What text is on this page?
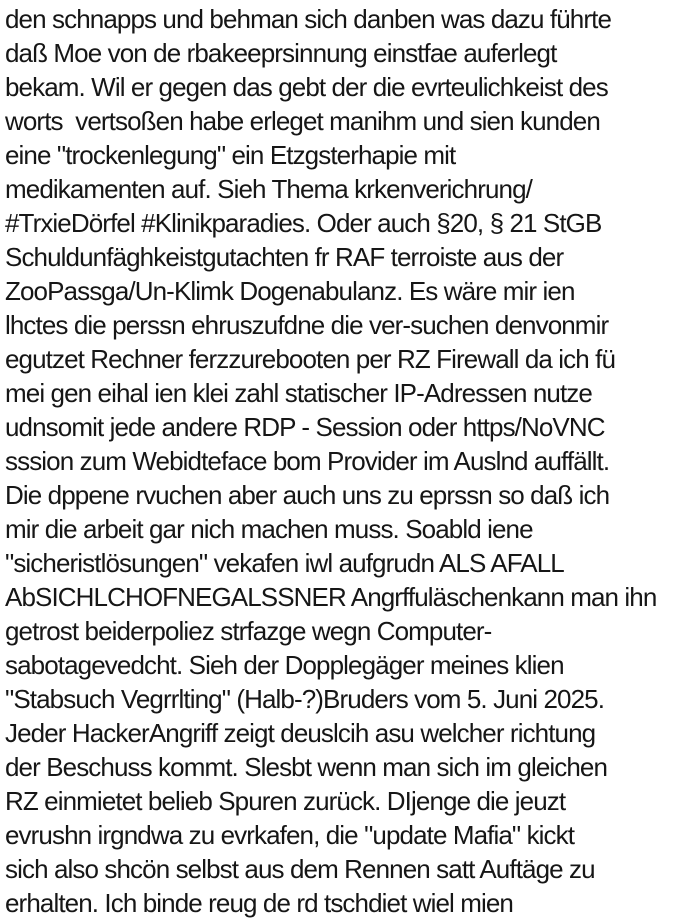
den schnapps und behman sich danben was dazu führte
daß Moe von de rbakeeprsinnung einstfae auferlegt
bekam. Wil er gegen das gebt der die evrteulichkeist des
worts  vertsoßen habe erleget manihm und sien kunden
eine "trockenlegung" ein Etzgsterhapie mit
medikamenten auf. Sieh Thema krkenverichrung/
#TrxieDörfel #Klinikparadies. Oder auch §20, § 21 StGB
Schuldunfäghkeistgutachten fr RAF terroiste aus der
ZooPassga/Un-Klimk Dogenabulanz. Es wäre mir ien
lhctes die perssn ehruszufdne die ver-suchen denvonmir
egutzet Rechner ferzzurebooten per RZ Firewall da ich fü
mei gen eihal ien klei zahl statischer IP-Adressen nutze
udnsomit jede andere RDP - Session oder https/NoVNC
sssion zum Webidteface bom Provider im Auslnd auffällt.
Die dppene rvuchen aber auch uns zu eprssn so daß ich
mir die arbeit gar nich machen muss. Soabld iene
"sicheristlösungen" vekafen iwl aufgrudn ALS AFALL
AbSICHLCHOFNEGALSSNER Angrffuläschenkann man ihn
getrost beiderpoliez strfazge wegn Computer-
sabotagevedcht. Sieh der Dopplegäger meines klien
"Stabsuch Vegrrlting" (Halb-?)Bruders vom 5. Juni 2025.
Jeder HackerAngriff zeigt deuslcih asu welcher richtung
der Beschuss kommt. Slesbt wenn man sich im gleichen
RZ einmietet belieb Spuren zurück. DIjenge die jeuzt
evrushn irgndwa zu evrkafen, die "update Mafia" kickt
sich also shcön selbst aus dem Rennen satt Auftäge zu
erhalten. Ich binde reug de rd tschdiet wiel mien
